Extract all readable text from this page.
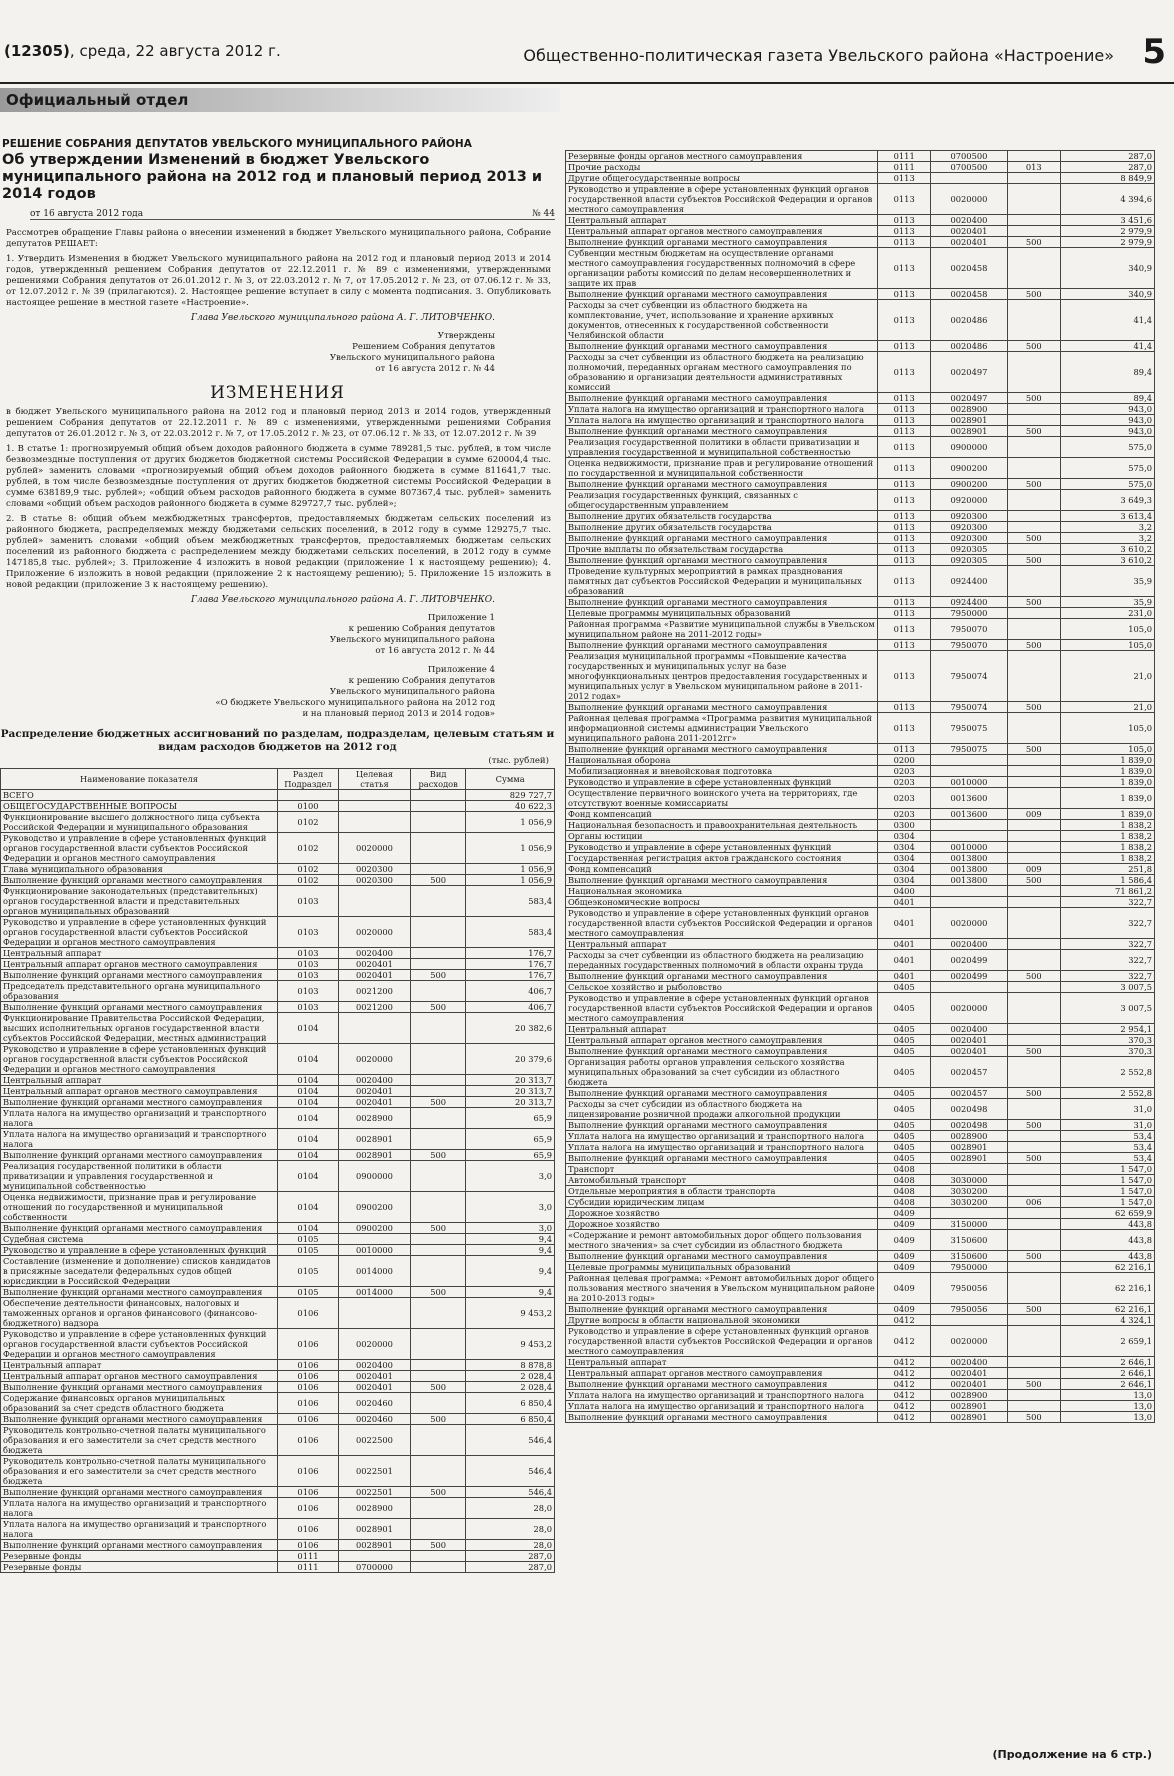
(12305), среда, 22 августа 2012 г.	Общественно-политическая газета Увельского района «Настроение» 5
Официальный отдел
РЕШЕНИЕ СОБРАНИЯ ДЕПУТАТОВ УВЕЛЬСКОГО МУНИЦИПАЛЬНОГО РАЙОНА
Об утверждении Изменений в бюджет Увельского муниципального района на 2012 год и плановый период 2013 и 2014 годов
от 16 августа 2012 года	№ 44
Рассмотрев обращение Главы района о внесении изменений в бюджет Увельского муниципального района, Собрание депутатов РЕШАЕТ:
1. Утвердить Изменения в бюджет Увельского муниципального района на 2012 год и плановый период 2013 и 2014 годов, утвержденный решением Собрания депутатов от 22.12.2011 г. № 89 с изменениями, утвержденными решениями Собрания депутатов от 26.01.2012 г. № 3, от 22.03.2012 г. № 7, от 17.05.2012 г. № 23, от 07.06.12 г. № 33, от 12.07.2012 г. № 39 (прилагаются). 2. Настоящее решение вступает в силу с момента подписания. 3. Опубликовать настоящее решение в местной газете «Настроение».
Глава Увельского муниципального района А. Г. ЛИТОВЧЕНКО.
Утверждены
Решением Собрания депутатов
Увельского муниципального района
от 16 августа 2012 г. № 44
ИЗМЕНЕНИЯ
в бюджет Увельского муниципального района на 2012 год и плановый период 2013 и 2014 годов, утвержденный решением Собрания депутатов от 22.12.2011 г. № 89 с изменениями, утвержденными решениями Собрания депутатов от 26.01.2012 г. № 3, от 22.03.2012 г. № 7, от 17.05.2012 г. № 23, от 07.06.12 г. № 33, от 12.07.2012 г. № 39
1. В статье 1: прогнозируемый общий объем доходов районного бюджета в сумме 789281,5 тыс. рублей, в том числе безвозмездные поступления от других бюджетов бюджетной системы Российской Федерации в сумме 620004,4 тыс. рублей» заменить словами «прогнозируемый общий объем доходов районного бюджета в сумме 811641,7 тыс. рублей, в том числе безвозмездные поступления от других бюджетов бюджетной системы Российской Федерации в сумме 638189,9 тыс. рублей»; «общий объем расходов районного бюджета в сумме 807367,4 тыс. рублей» заменить словами «общий объем расходов районного бюджета в сумме 829727,7 тыс. рублей»;
2. В статье 8: общий объем межбюджетных трансфертов, предоставляемых бюджетам сельских поселений из районного бюджета, распределяемых между бюджетами сельских поселений, в 2012 году в сумме 129275,7 тыс. рублей» заменить словами «общий объем межбюджетных трансфертов, предоставляемых бюджетам сельских поселений из районного бюджета с распределением между бюджетами сельских поселений, в 2012 году в сумме 147185,8 тыс. рублей»; 3. Приложение 4 изложить в новой редакции (приложение 1 к настоящему решению); 4. Приложение 6 изложить в новой редакции (приложение 2 к настоящему решению); 5. Приложение 15 изложить в новой редакции (приложение 3 к настоящему решению).
Глава Увельского муниципального района А. Г. ЛИТОВЧЕНКО.
Приложение 1
к решению Собрания депутатов
Увельского муниципального района
от 16 августа 2012 г. № 44
Приложение 4
к решению Собрания депутатов
Увельского муниципального района
«О бюджете Увельского муниципального района на 2012 год
и на плановый период 2013 и 2014 годов»
Распределение бюджетных ассигнований по разделам, подразделам, целевым статьям и видам расходов бюджетов на 2012 год
(тыс. рублей)
Наименование показателя	Раздел Подраздел	Целевая статья	Вид расходов	Сумма
ВСЕГО				829 727,7
ОБЩЕГОСУДАРСТВЕННЫЕ ВОПРОСЫ	0100			40 622,3
Функционирование высшего должностного лица субъекта Российской Федерации и муниципального образования	0102			1 056,9
Руководство и управление в сфере установленных функций органов государственной власти субъектов Российской Федерации и органов местного самоуправления	0102	0020000		1 056,9
Глава муниципального образования	0102	0020300		1 056,9
Выполнение функций органами местного самоуправления	0102	0020300	500	1 056,9
Функционирование законодательных (представительных) органов государственной власти и представительных органов муниципальных образований	0103			583,4
Руководство и управление в сфере установленных функций органов государственной власти субъектов Российской Федерации и органов местного самоуправления	0103	0020000		583,4
Центральный аппарат	0103	0020400		176,7
Центральный аппарат органов местного самоуправления	0103	0020401		176,7
Выполнение функций органами местного самоуправления	0103	0020401	500	176,7
Председатель представительного органа муниципального образования	0103	0021200		406,7
Выполнение функций органами местного самоуправления	0103	0021200	500	406,7
Функционирование Правительства Российской Федерации, высших исполнительных органов государственной власти субъектов Российской Федерации, местных администраций	0104			20 382,6
Руководство и управление в сфере установленных функций органов государственной власти субъектов Российской Федерации и органов местного самоуправления	0104	0020000		20 379,6
Центральный аппарат	0104	0020400		20 313,7
Центральный аппарат органов местного самоуправления	0104	0020401		20 313,7
Выполнение функций органами местного самоуправления	0104	0020401	500	20 313,7
Уплата налога на имущество организаций и транспортного налога	0104	0028900		65,9
Уплата налога на имущество организаций и транспортного налога	0104	0028901		65,9
Выполнение функций органами местного самоуправления	0104	0028901	500	65,9
Реализация государственной политики в области приватизации и управления государственной и муниципальной собственностью	0104	0900000		3,0
Оценка недвижимости, признание прав и регулирование отношений по государственной и муниципальной собственности	0104	0900200		3,0
Выполнение функций органами местного самоуправления	0104	0900200	500	3,0
Судебная система	0105			9,4
Руководство и управление в сфере установленных функций	0105	0010000		9,4
Составление (изменение и дополнение) списков кандидатов в присяжные заседатели федеральных судов общей юрисдикции в Российской Федерации	0105	0014000		9,4
Выполнение функций органами местного самоуправления	0105	0014000	500	9,4
Обеспечение деятельности финансовых, налоговых и таможенных органов и органов финансового (финансово-бюджетного) надзора	0106			9 453,2
Руководство и управление в сфере установленных функций органов государственной власти субъектов Российской Федерации и органов местного самоуправления	0106	0020000		9 453,2
Центральный аппарат	0106	0020400		8 878,8
Центральный аппарат органов местного самоуправления	0106	0020401		2 028,4
Выполнение функций органами местного самоуправления	0106	0020401	500	2 028,4
Содержание финансовых органов муниципальных образований за счет средств областного бюджета	0106	0020460		6 850,4
Выполнение функций органами местного самоуправления	0106	0020460	500	6 850,4
Руководитель контрольно-счетной палаты муниципального образования и его заместители за счет средств местного бюджета	0106	0022500		546,4
Руководитель контрольно-счетной палаты муниципального образования и его заместители за счет средств местного бюджета	0106	0022501		546,4
Выполнение функций органами местного самоуправления	0106	0022501	500	546,4
Уплата налога на имущество организаций и транспортного налога	0106	0028900		28,0
Уплата налога на имущество организаций и транспортного налога	0106	0028901		28,0
Выполнение функций органами местного самоуправления	0106	0028901	500	28,0
Резервные фонды	0111			287,0
Резервные фонды	0111	0700000		287,0
Резервные фонды органов местного самоуправления	0111	0700500		287,0
Прочие расходы	0111	0700500	013	287,0
Другие общегосударственные вопросы	0113			8 849,9
Руководство и управление в сфере установленных функций органов государственной власти субъектов Российской Федерации и органов местного самоуправления	0113	0020000		4 394,6
Центральный аппарат	0113	0020400		3 451,6
Центральный аппарат органов местного самоуправления	0113	0020401		2 979,9
Выполнение функций органами местного самоуправления	0113	0020401	500	2 979,9
Субвенции местным бюджетам на осуществление органами местного самоуправления государственных полномочий в сфере организации работы комиссий по делам несовершеннолетних и защите их прав	0113	0020458		340,9
Выполнение функций органами местного самоуправления	0113	0020458	500	340,9
Расходы за счет субвенции из областного бюджета на комплектование, учет, использование и хранение архивных документов, отнесенных к государственной собственности Челябинской области	0113	0020486		41,4
Выполнение функций органами местного самоуправления	0113	0020486	500	41,4
Расходы за счет субвенции из областного бюджета на реализацию полномочий, переданных органам местного самоуправления по образованию и организации деятельности административных комиссий	0113	0020497		89,4
Выполнение функций органами местного самоуправления	0113	0020497	500	89,4
Уплата налога на имущество организаций и транспортного налога	0113	0028900		943,0
Уплата налога на имущество организаций и транспортного налога	0113	0028901		943,0
Выполнение функций органами местного самоуправления	0113	0028901	500	943,0
Реализация государственной политики в области приватизации и управления государственной и муниципальной собственностью	0113	0900000		575,0
Оценка недвижимости, признание прав и регулирование отношений по государственной и муниципальной собственности	0113	0900200		575,0
Выполнение функций органами местного самоуправления	0113	0900200	500	575,0
Реализация государственных функций, связанных с общегосударственным управлением	0113	0920000		3 649,3
Выполнение других обязательств государства	0113	0920300		3 613,4
Выполнение других обязательств государства	0113	0920300		3,2
Выполнение функций органами местного самоуправления	0113	0920300	500	3,2
Прочие выплаты по обязательствам государства	0113	0920305		3 610,2
Выполнение функций органами местного самоуправления	0113	0920305	500	3 610,2
Проведение культурных мероприятий в рамках празднования памятных дат субъектов Российской Федерации и муниципальных образований	0113	0924400		35,9
Выполнение функций органами местного самоуправления	0113	0924400	500	35,9
Целевые программы муниципальных образований	0113	7950000		231,0
Районная программа «Развитие муниципальной службы в Увельском муниципальном районе на 2011-2012 годы»	0113	7950070		105,0
Выполнение функций органами местного самоуправления	0113	7950070	500	105,0
Реализация муниципальной программы «Повышение качества государственных и муниципальных услуг на базе многофункциональных центров предоставления государственных и муниципальных услуг в Увельском муниципальном районе в 2011-2012 годах»	0113	7950074		21,0
Выполнение функций органами местного самоуправления	0113	7950074	500	21,0
Районная целевая программа «Программа развития муниципальной информационной системы администрации Увельского муниципального района 2011-2012гг»	0113	7950075		105,0
Выполнение функций органами местного самоуправления	0113	7950075	500	105,0
Национальная оборона	0200			1 839,0
Мобилизационная и вневойсковая подготовка	0203			1 839,0
Руководство и управление в сфере установленных функций	0203	0010000		1 839,0
Осуществление первичного воинского учета на территориях, где отсутствуют военные комиссариаты	0203	0013600		1 839,0
Фонд компенсаций	0203	0013600	009	1 839,0
Национальная безопасность и правоохранительная деятельность	0300			1 838,2
Органы юстиции	0304			1 838,2
Руководство и управление в сфере установленных функций	0304	0010000		1 838,2
Государственная регистрация актов гражданского состояния	0304	0013800		1 838,2
Фонд компенсаций	0304	0013800	009	251,8
Выполнение функций органами местного самоуправления	0304	0013800	500	1 586,4
Национальная экономика	0400			71 861,2
Общеэкономические вопросы	0401			322,7
Руководство и управление в сфере установленных функций органов государственной власти субъектов Российской Федерации и органов местного самоуправления	0401	0020000		322,7
Центральный аппарат	0401	0020400		322,7
Расходы за счет субвенции из областного бюджета на реализацию переданных государственных полномочий в области охраны труда	0401	0020499		322,7
Выполнение функций органами местного самоуправления	0401	0020499	500	322,7
Сельское хозяйство и рыболовство	0405			3 007,5
Руководство и управление в сфере установленных функций органов государственной власти субъектов Российской Федерации и органов местного самоуправления	0405	0020000		3 007,5
Центральный аппарат	0405	0020400		2 954,1
Центральный аппарат органов местного самоуправления	0405	0020401		370,3
Выполнение функций органами местного самоуправления	0405	0020401	500	370,3
Организация работы органов управления сельского хозяйства муниципальных образований за счет субсидии из областного бюджета	0405	0020457		2 552,8
Выполнение функций органами местного самоуправления	0405	0020457	500	2 552,8
Расходы за счет субсидии из областного бюджета на лицензирование розничной продажи алкогольной продукции	0405	0020498		31,0
Выполнение функций органами местного самоуправления	0405	0020498	500	31,0
Уплата налога на имущество организаций и транспортного налога	0405	0028900		53,4
Уплата налога на имущество организаций и транспортного налога	0405	0028901		53,4
Выполнение функций органами местного самоуправления	0405	0028901	500	53,4
Транспорт	0408			1 547,0
Автомобильный транспорт	0408	3030000		1 547,0
Отдельные мероприятия в области транспорта	0408	3030200		1 547,0
Субсидии юридическим лицам	0408	3030200	006	1 547,0
Дорожное хозяйство	0409			62 659,9
Дорожное хозяйство	0409	3150000		443,8
«Содержание и ремонт автомобильных дорог общего пользования местного значения» за счет субсидии из областного бюджета	0409	3150600		443,8
Выполнение функций органами местного самоуправления	0409	3150600	500	443,8
Целевые программы муниципальных образований	0409	7950000		62 216,1
Районная целевая программа: «Ремонт автомобильных дорог общего пользования местного значения в Увельском муниципальном районе на 2010-2013 годы»	0409	7950056		62 216,1
Выполнение функций органами местного самоуправления	0409	7950056	500	62 216,1
Другие вопросы в области национальной экономики	0412			4 324,1
Руководство и управление в сфере установленных функций органов государственной власти субъектов Российской Федерации и органов местного самоуправления	0412	0020000		2 659,1
Центральный аппарат	0412	0020400		2 646,1
Центральный аппарат органов местного самоуправления	0412	0020401		2 646,1
Выполнение функций органами местного самоуправления	0412	0020401	500	2 646,1
Уплата налога на имущество организаций и транспортного налога	0412	0028900		13,0
Уплата налога на имущество организаций и транспортного налога	0412	0028901		13,0
Выполнение функций органами местного самоуправления	0412	0028901	500	13,0
(Продолжение на 6 стр.)
